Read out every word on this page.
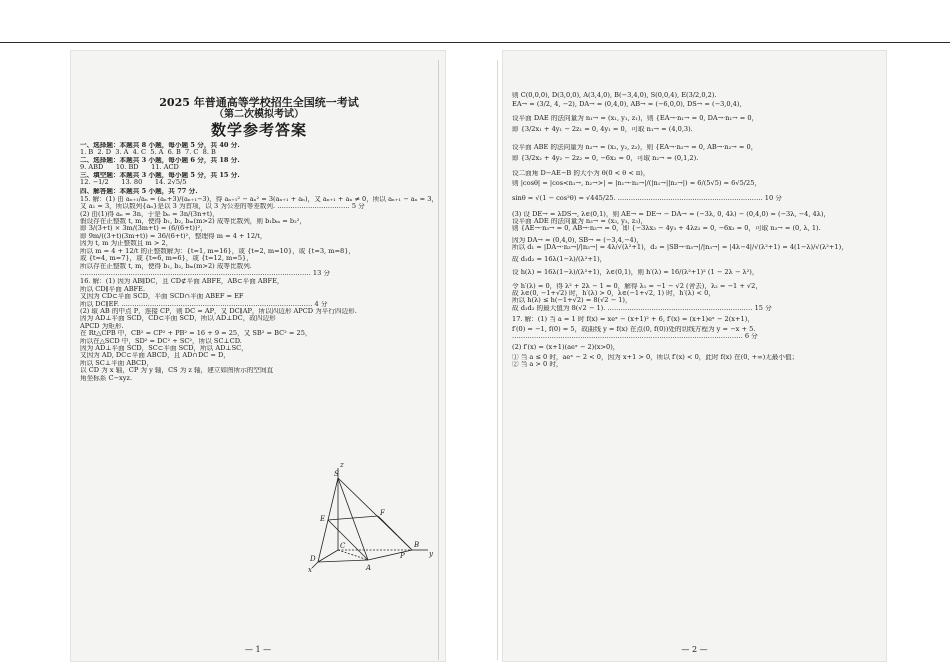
2025 年普通高等学校招生全国统一考试
（第二次模拟考试）
数学参考答案
一、选择题：本题共 8 小题，每小题 5 分，共 40 分.
1. B  2. D  3. A  4. C  5. A  6. B  7. C  8. B
二、选择题：本题共 3 小题，每小题 6 分，共 18 分.
9. ABD      10. BD      11. ACD
三、填空题：本题共 3 小题，每小题 5 分，共 15 分.
12. −1/2      13. 80      14. 2√5/5
四、解答题：本题共 5 小题，共 77 分.
15. 解：(1) 由 aₙ₊₁/aₙ = (aₙ+3)/(aₙ₊₁−3)，得 aₙ₊₁² − aₙ² = 3(aₙ₊₁ + aₙ)，又 aₙ₊₁ + aₙ ≠ 0，所以 aₙ₊₁ − aₙ = 3，
又 a₁ = 3，所以数列{aₙ}是以 3 为首项，以 3 为公差的等差数列. …………………………… 5 分
(2) 由(1)得 aₙ = 3n，于是 bₙ = 3n/(3n+t)，
假设存在正整数 t, m，使得 b₁, b₂, bₘ(m>2) 成等比数列，则 b₁bₘ = b₂²，
即 3/(3+t) × 3m/(3m+t) = (6/(6+t))²，
即 9m/((3+t)(3m+t)) = 36/(6+t)²，整理得 m = 4 + 12/t，
因为 t, m 为正整数且 m > 2，
所以 m = 4 + 12/t 的正整数解为：{t=1, m=16}，或 {t=2, m=10}，或 {t=3, m=8}，
或 {t=4, m=7}，或 {t=6, m=6}，或 {t=12, m=5}，
所以存在正整数 t, m，使得 b₁, b₂, bₘ(m>2) 成等比数列.
…………………………………………………………………………………………… 13 分
16. 解：(1) 因为 AB∥DC，且 CD⊄平面 ABFE，AB⊂平面 ABFE，
所以 CD∥平面 ABFE.
又因为 CD⊂平面 SCD，平面 SCD∩平面 ABEF = EF
所以 DC∥EF. …………………………………………………………………………… 4 分
(2) 取 AB 的中点 P，连接 CP，则 DC = AP，又 DC∥AP，所以四边形 APCD 为平行四边形.
因为 AD⊥平面 SCD，CD⊂平面 SCD，所以 AD⊥DC，故四边形
APCD 为矩形.
在 Rt△CPB 中，CB² = CP² + PB² = 16 + 9 = 25，又 SB² = BC² = 25，
所以在△SCD 中，SD² = DC² + SC²，所以 SC⊥CD.
因为 AD⊥平面 SCD，SC⊂平面 SCD，所以 AD⊥SC，
又因为 AD, DC⊂平面 ABCD，且 AD∩DC = D，
所以 SC⊥平面 ABCD，
以 CD 为 x 轴，CP 为 y 轴，CS 为 z 轴，建立如图所示的空间直
角坐标系 C−xyz.
S
E
F
D
A
C
P
B
x
y
z
— 1 —
则 C(0,0,0), D(3,0,0), A(3,4,0), B(−3,4,0), S(0,0,4), E(3/2,0,2).
EA→ = (3/2, 4, −2), DA→ = (0,4,0), AB→ = (−6,0,0), DS→ = (−3,0,4),
设平面 DAE 的法向量为 n₁→ = (x₁, y₁, z₁)，则 {EA→·n₁→ = 0, DA→·n₁→ = 0，
即 {3/2x₁ + 4y₁ − 2z₁ = 0, 4y₁ = 0，可取 n₁→ = (4,0,3).
设平面 ABE 的法向量为 n₂→ = (x₂, y₂, z₂)，则 {EA→·n₂→ = 0, AB→·n₂→ = 0，
即 {3/2x₂ + 4y₂ − 2z₂ = 0, −6x₂ = 0，可取 n₂→ = (0,1,2).
设二面角 D−AE−B 的大小为 θ(0 < θ < π)，
则 |cosθ| = |cos<n₁→, n₂→>| = |n₁→·n₂→|/(|n₁→||n₂→|) = 6/(5√5) = 6√5/25，
sinθ = √(1 − cos²θ) = √445/25. ………………………………………………………… 10 分
(3) 设 DE→ = λDS→, λ∈(0,1)，则 AE→ = DE→ − DA→ = (−3λ, 0, 4λ) − (0,4,0) = (−3λ, −4, 4λ)，
设平面 ADE 的法向量为 n₃→ = (x₃, y₃, z₃)，
则 {AE→·n₃→ = 0, AB→·n₃→ = 0，即 {−3λx₃ − 4y₃ + 4λz₃ = 0, −6x₃ = 0，可取 n₃→ = (0, λ, 1).
因为 DA→ = (0,4,0), SB→ = (−3,4,−4)，
所以 d₁ = |DA→·n₃→|/|n₃→| = 4λ/√(λ²+1)，d₂ = |SB→·n₃→|/|n₃→| = |4λ−4|/√(λ²+1) = 4(1−λ)/√(λ²+1)，
故 d₁d₂ = 16λ(1−λ)/(λ²+1)，
设 h(λ) = 16λ(1−λ)/(λ²+1)，λ∈(0,1)，则 h′(λ) = 16/(λ²+1)² (1 − 2λ − λ²)，
令 h′(λ) = 0，得 λ² + 2λ − 1 = 0，解得 λ₁ = −1 − √2 (舍去)，λ₂ = −1 + √2，
故 λ∈(0, −1+√2) 时，h′(λ) > 0，λ∈(−1+√2, 1) 时，h′(λ) < 0，
所以 h(λ) ≤ h(−1+√2) = 8(√2 − 1)，
故 d₁d₂ 的最大值为 8(√2 − 1). ………………………………………………………… 15 分
17. 解：(1) 当 a = 1 时 f(x) = xeˣ − (x+1)² + 6, f′(x) = (x+1)eˣ − 2(x+1)，
f′(0) = −1, f(0) = 5，故曲线 y = f(x) 在点(0, f(0))处的切线方程为 y = −x + 5.
…………………………………………………………………………………………… 6 分
(2) f′(x) = (x+1)(aeˣ − 2)(x>0)，
① 当 a ≤ 0 时，aeˣ − 2 < 0，因为 x+1 > 0，所以 f′(x) < 0，此时 f(x) 在(0, +∞)无最小值；
② 当 a > 0 时，
— 2 —
